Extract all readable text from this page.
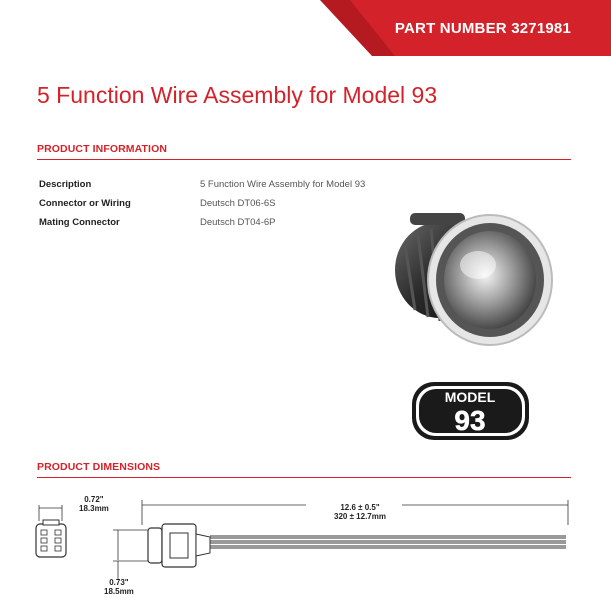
PART NUMBER 3271981
5 Function Wire Assembly for Model 93
PRODUCT INFORMATION
Description	5 Function Wire Assembly for Model 93
Connector or Wiring	Deutsch DT06-6S
Mating Connector	Deutsch DT04-6P
MODEL
93
PRODUCT DIMENSIONS
0.72"
18.3mm	12.6 ± 0.5"
320 ± 12.7mm
0.73"
18.5mm
